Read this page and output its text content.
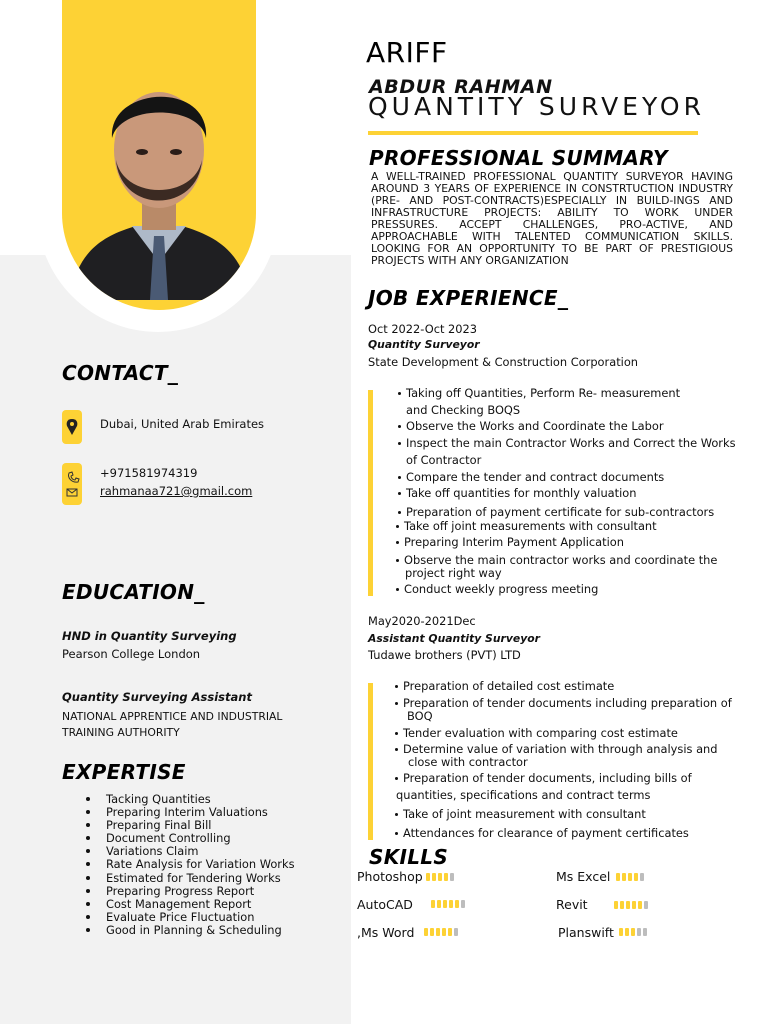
ARIFF
ABDUR RAHMAN
QUANTITY SURVEYOR
PROFESSIONAL SUMMARY
A WELL-TRAINED PROFESSIONAL QUANTITY SURVEYOR HAVING AROUND 3 YEARS OF EXPERIENCE IN CONSTRTUCTION INDUSTRY (PRE- AND POST-CONTRACTS)ESPECIALLY IN BUILD-INGS AND INFRASTRUCTURE PROJECTS: ABILITY TO WORK UNDER PRESSURES. ACCEPT CHALLENGES, PRO-ACTIVE, AND APPROACHABLE WITH TALENTED COMMUNICATION SKILLS. LOOKING FOR AN OPPORTUNITY TO BE PART OF PRESTIGIOUS PROJECTS WITH ANY ORGANIZATION
CONTACT_
Dubai, United Arab Emirates
+971581974319
rahmanaa721@gmail.com
EDUCATION_
HND in Quantity Surveying
Pearson College London
Quantity Surveying Assistant
NATIONAL APPRENTICE AND INDUSTRIAL
TRAINING AUTHORITY
EXPERTISE
Tacking Quantities
Preparing Interim Valuations
Preparing Final Bill
Document Controlling
Variations Claim
Rate Analysis for Variation Works
Estimated for Tendering Works
Preparing Progress Report
Cost Management Report
Evaluate Price Fluctuation
Good in Planning & Scheduling
JOB EXPERIENCE_
Oct 2022-Oct 2023
Quantity Surveyor
State Development & Construction Corporation
Taking off Quantities, Perform Re- measurement
and Checking BOQS
Observe the Works and Coordinate the Labor
Inspect the main Contractor Works and Correct the Works
of Contractor
Compare the tender and contract documents
Take off quantities for monthly valuation
Preparation of payment certificate for sub-contractors
Take off joint measurements with consultant
Preparing Interim Payment Application
Observe the main contractor works and coordinate the
project right way
Conduct weekly progress meeting
May2020-2021Dec
Assistant Quantity Surveyor
Tudawe brothers (PVT) LTD
Preparation of detailed cost estimate
Preparation of tender documents including preparation of
BOQ
Tender evaluation with comparing cost estimate
Determine value of variation with through analysis and
close with contractor
Preparation of tender documents, including bills of
quantities, specifications and contract terms
Take of joint measurement with consultant
Attendances for clearance of payment certificates
SKILLS
Photoshop	Ms Excel
AutoCAD	Revit
,Ms Word	Planswift
